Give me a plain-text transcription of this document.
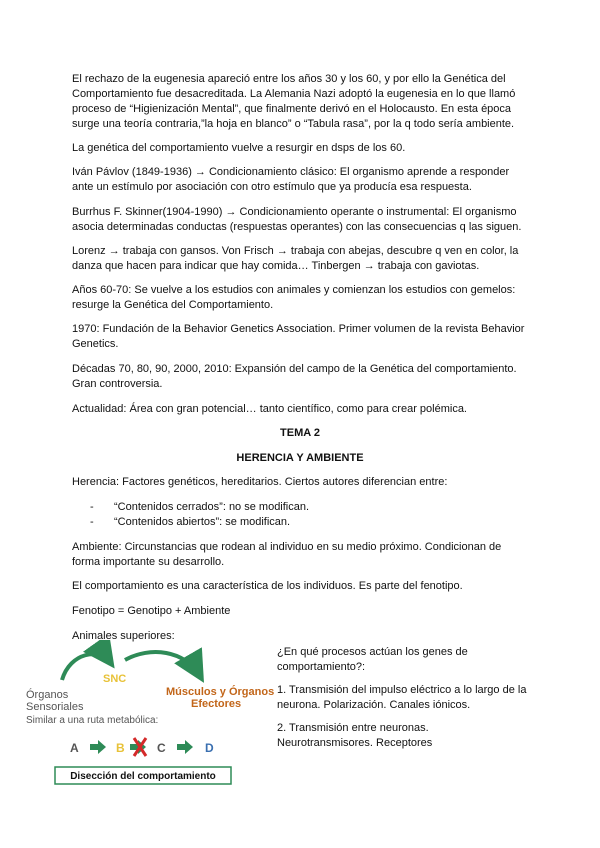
El rechazo de la eugenesia apareció entre los años 30 y los 60, y por ello la Genética del Comportamiento fue desacreditada. La Alemania Nazi adoptó la eugenesia en lo que llamó proceso de “Higienización Mental”, que finalmente derivó en el Holocausto. En esta época surge una teoría contraria,”la hoja en blanco” o “Tabula rasa”, por la q todo sería ambiente.

La genética del comportamiento vuelve a resurgir en dsps de los 60.

Iván Pávlov (1849-1936) → Condicionamiento clásico: El organismo aprende a responder ante un estímulo por asociación con otro estímulo que ya producía esa respuesta.

Burrhus F. Skinner(1904-1990) → Condicionamiento operante o instrumental: El organismo asocia determinadas conductas (respuestas operantes) con las consecuencias q las siguen.

Lorenz → trabaja con gansos. Von Frisch → trabaja con abejas, descubre q ven en color, la danza que hacen para indicar que hay comida… Tinbergen → trabaja con gaviotas.

Años 60-70: Se vuelve a los estudios con animales y comienzan los estudios con gemelos: resurge la Genética del Comportamiento.

1970: Fundación de la Behavior Genetics Association. Primer volumen de la revista Behavior Genetics.

Décadas 70, 80, 90, 2000, 2010: Expansión del campo de la Genética del comportamiento. Gran controversia.

Actualidad: Área con gran potencial… tanto científico, como para crear polémica.

TEMA 2

HERENCIA Y AMBIENTE

Herencia: Factores genéticos, hereditarios. Ciertos autores diferencian entre:

- “Contenidos cerrados”: no se modifican.
- “Contenidos abiertos”: se modifican.

Ambiente: Circunstancias que rodean al individuo en su medio próximo. Condicionan de forma importante su desarrollo.

El comportamiento es una característica de los individuos. Es parte del fenotipo.

Fenotipo = Genotipo + Ambiente

Animales superiores:

¿En qué procesos actúan los genes de comportamiento?:
1. Transmisión del impulso eléctrico a lo largo de la neurona. Polarización. Canales iónicos.
2. Transmisión entre neuronas. Neurotransmisores. Receptores
Órganos
Sensoriales
SNC
Músculos y Órganos
Efectores
Similar a una ruta metabólica:
A	B	C	D
Disección del comportamiento
